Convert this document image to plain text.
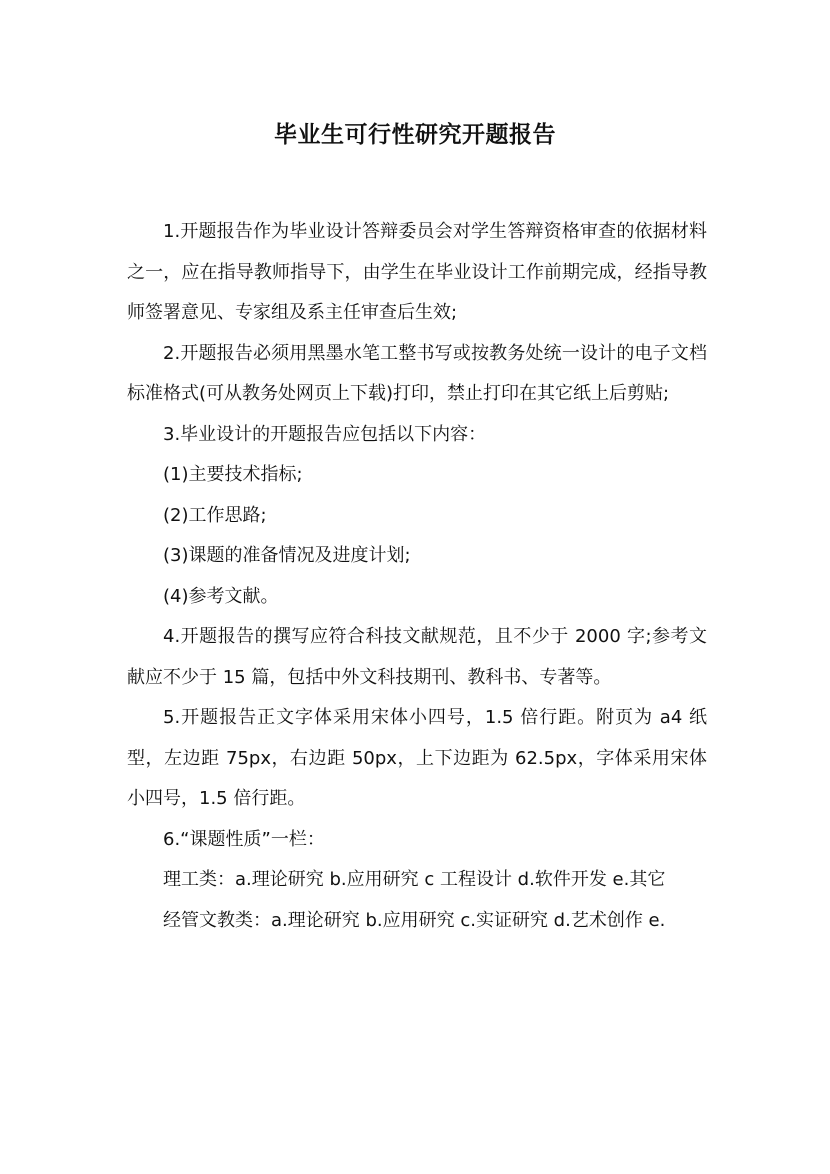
毕业生可行性研究开题报告

1.开题报告作为毕业设计答辩委员会对学生答辩资格审查的依据材料之一，应在指导教师指导下，由学生在毕业设计工作前期完成，经指导教师签署意见、专家组及系主任审查后生效;

2.开题报告必须用黑墨水笔工整书写或按教务处统一设计的电子文档标准格式(可从教务处网页上下载)打印，禁止打印在其它纸上后剪贴;

3.毕业设计的开题报告应包括以下内容：

(1)主要技术指标;

(2)工作思路;

(3)课题的准备情况及进度计划;

(4)参考文献。

4.开题报告的撰写应符合科技文献规范，且不少于 2000 字;参考文献应不少于 15 篇，包括中外文科技期刊、教科书、专著等。

5.开题报告正文字体采用宋体小四号，1.5 倍行距。附页为 a4 纸型，左边距 75px，右边距 50px，上下边距为 62.5px，字体采用宋体小四号，1.5 倍行距。

6.“课题性质”一栏：

理工类：a.理论研究 b.应用研究 c 工程设计 d.软件开发 e.其它

经管文教类：a.理论研究 b.应用研究 c.实证研究 d.艺术创作 e.
